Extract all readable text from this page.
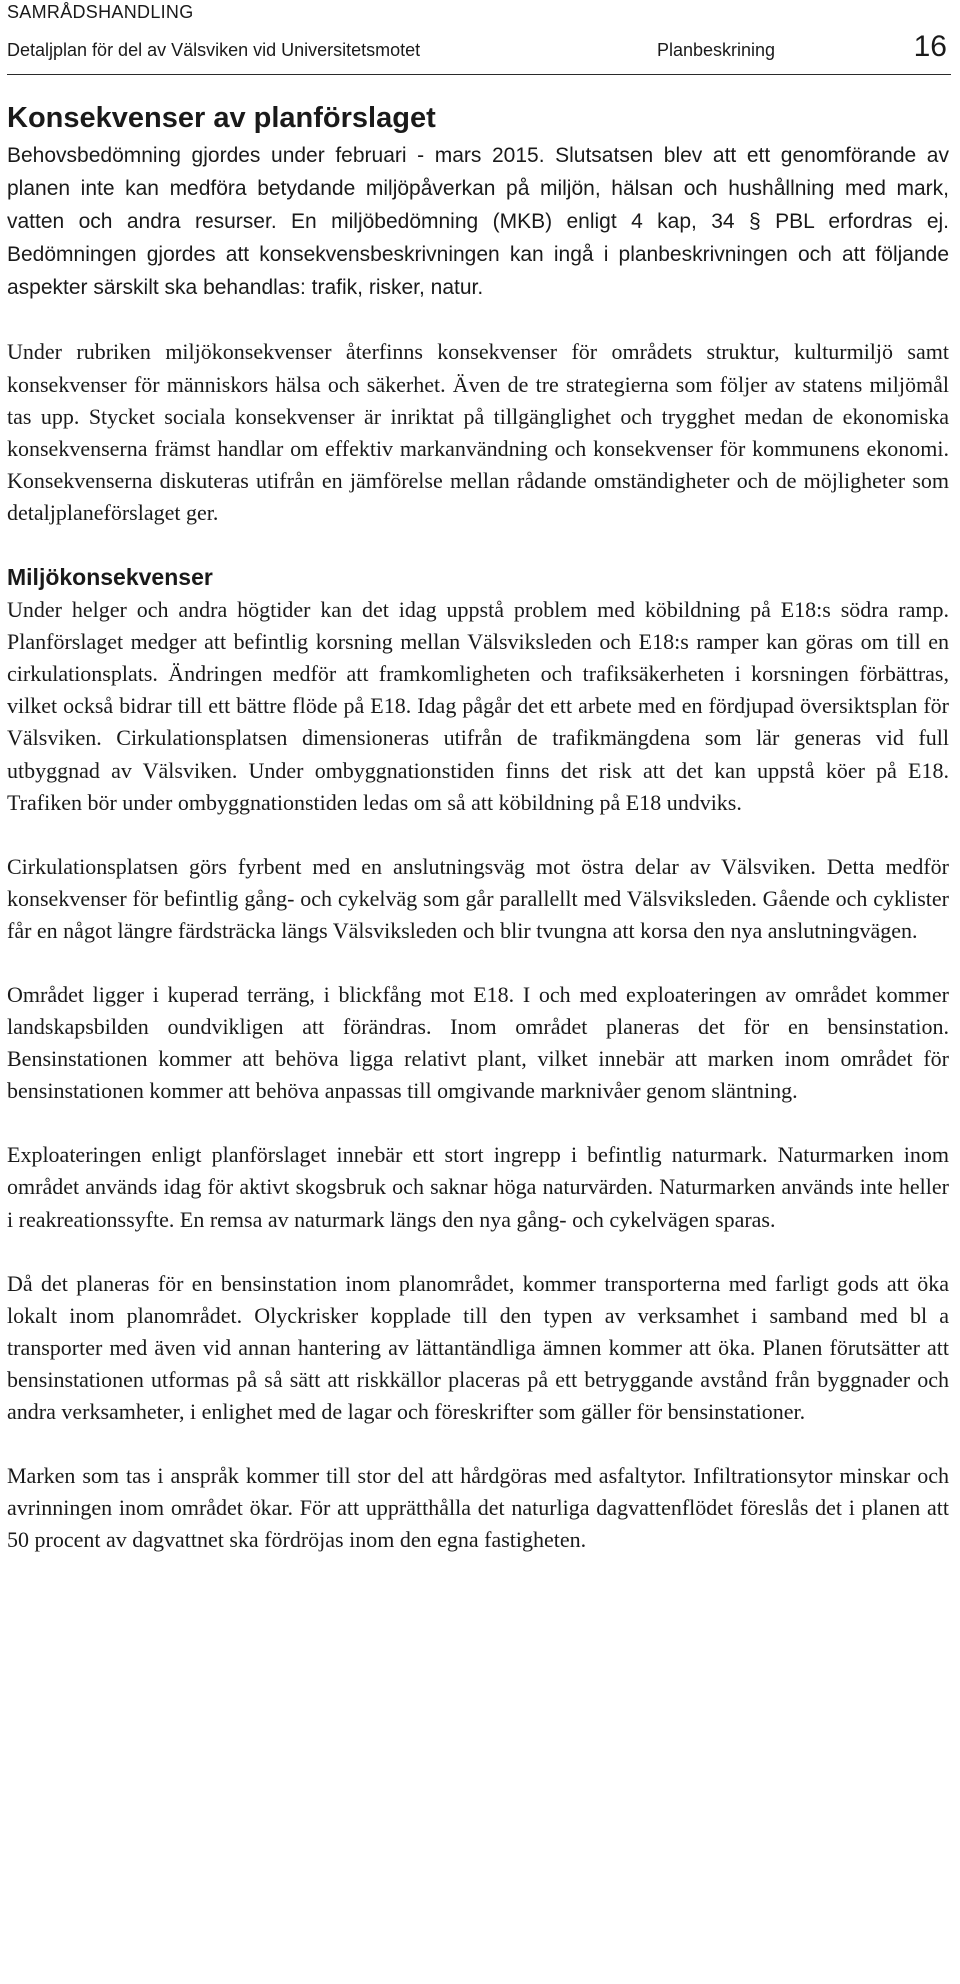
SAMRÅDSHANDLING
Detaljplan för del av Välsviken vid Universitetsmotet	Planbeskrining	16
Konsekvenser av planförslaget

Behovsbedömning gjordes under februari - mars 2015. Slutsatsen blev att ett genomförande av planen inte kan medföra betydande miljöpåverkan på miljön, hälsan och hushållning med mark, vatten och andra resurser. En miljöbedömning (MKB) enligt 4 kap, 34 § PBL erfordras ej. Bedömningen gjordes att konsekvensbeskrivningen kan ingå i planbeskrivningen och att följande aspekter särskilt ska behandlas: trafik, risker, natur.

Under rubriken miljökonsekvenser återfinns konsekvenser för områdets struktur, kulturmiljö samt konsekvenser för människors hälsa och säkerhet. Även de tre strategierna som följer av statens miljömål tas upp. Stycket sociala konsekvenser är inriktat på tillgänglighet och trygghet medan de ekonomiska konsekvenserna främst handlar om effektiv markanvändning och konsekvenser för kommunens ekonomi. Konsekvenserna diskuteras utifrån en jämförelse mellan rådande omständigheter och de möjligheter som detaljplaneförslaget ger.

Miljökonsekvenser

Under helger och andra högtider kan det idag uppstå problem med köbildning på E18:s södra ramp. Planförslaget medger att befintlig korsning mellan Välsviksleden och E18:s ramper kan göras om till en cirkulationsplats. Ändringen medför att framkomligheten och trafiksäkerheten i korsningen förbättras, vilket också bidrar till ett bättre flöde på E18. Idag pågår det ett arbete med en fördjupad översiktsplan för Välsviken. Cirkulationsplatsen dimensioneras utifrån de trafikmängdena som lär generas vid full utbyggnad av Välsviken. Under ombyggnationstiden finns det risk att det kan uppstå köer på E18. Trafiken bör under ombyggnationstiden ledas om så att köbildning på E18 undviks.

Cirkulationsplatsen görs fyrbent med en anslutningsväg mot östra delar av Välsviken. Detta medför konsekvenser för befintlig gång- och cykelväg som går parallellt med Välsviksleden. Gående och cyklister får en något längre färdsträcka längs Välsviksleden och blir tvungna att korsa den nya anslutningvägen.

Området ligger i kuperad terräng, i blickfång mot E18. I och med exploateringen av området kommer landskapsbilden oundvikligen att förändras. Inom området planeras det för en bensinstation. Bensinstationen kommer att behöva ligga relativt plant, vilket innebär att marken inom området för bensinstationen kommer att behöva anpassas till omgivande marknivåer genom släntning.

Exploateringen enligt planförslaget innebär ett stort ingrepp i befintlig naturmark. Naturmarken inom området används idag för aktivt skogsbruk och saknar höga naturvärden. Naturmarken används inte heller i reakreationssyfte. En remsa av naturmark längs den nya gång- och cykelvägen sparas.

Då det planeras för en bensinstation inom planområdet, kommer transporterna med farligt gods att öka lokalt inom planområdet. Olyckrisker kopplade till den typen av verksamhet i samband med bl a transporter med även vid annan hantering av lättantändliga ämnen kommer att öka. Planen förutsätter att bensinstationen utformas på så sätt att riskkällor placeras på ett betryggande avstånd från byggnader och andra verksamheter, i enlighet med de lagar och föreskrifter som gäller för bensinstationer.

Marken som tas i anspråk kommer till stor del att hårdgöras med asfaltytor. Infiltrationsytor minskar och avrinningen inom området ökar. För att upprätthålla det naturliga dagvattenflödet föreslås det i planen att 50 procent av dagvattnet ska fördröjas inom den egna fastigheten.
